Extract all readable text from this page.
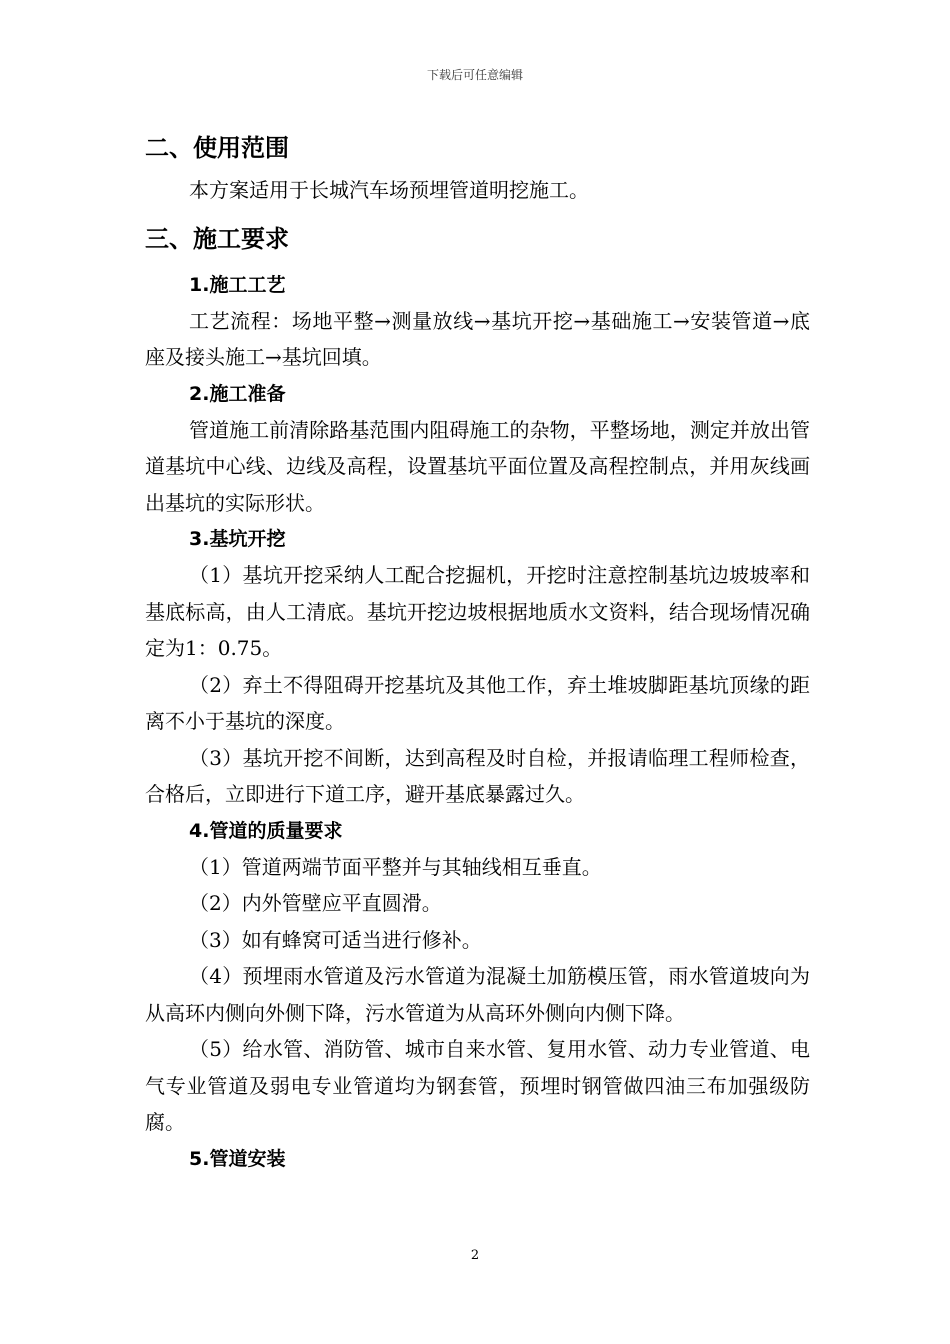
下载后可任意编辑
二、使用范围

本方案适用于长城汽车场预埋管道明挖施工。

三、施工要求

1.施工工艺

工艺流程：场地平整→测量放线→基坑开挖→基础施工→安装管道→底座及接头施工→基坑回填。

2.施工准备

管道施工前清除路基范围内阻碍施工的杂物，平整场地，测定并放出管道基坑中心线、边线及高程，设置基坑平面位置及高程控制点，并用灰线画出基坑的实际形状。

3.基坑开挖

（1）基坑开挖采纳人工配合挖掘机，开挖时注意控制基坑边坡坡率和基底标高，由人工清底。基坑开挖边坡根据地质水文资料，结合现场情况确定为1：0.75。

（2）弃土不得阻碍开挖基坑及其他工作，弃土堆坡脚距基坑顶缘的距离不小于基坑的深度。

（3）基坑开挖不间断，达到高程及时自检，并报请临理工程师检查，合格后，立即进行下道工序，避开基底暴露过久。

4.管道的质量要求

（1）管道两端节面平整并与其轴线相互垂直。

（2）内外管壁应平直圆滑。

（3）如有蜂窝可适当进行修补。

（4）预埋雨水管道及污水管道为混凝土加筋模压管，雨水管道坡向为从高环内侧向外侧下降，污水管道为从高环外侧向内侧下降。

（5）给水管、消防管、城市自来水管、复用水管、动力专业管道、电气专业管道及弱电专业管道均为钢套管，预埋时钢管做四油三布加强级防腐。

5.管道安装

2
